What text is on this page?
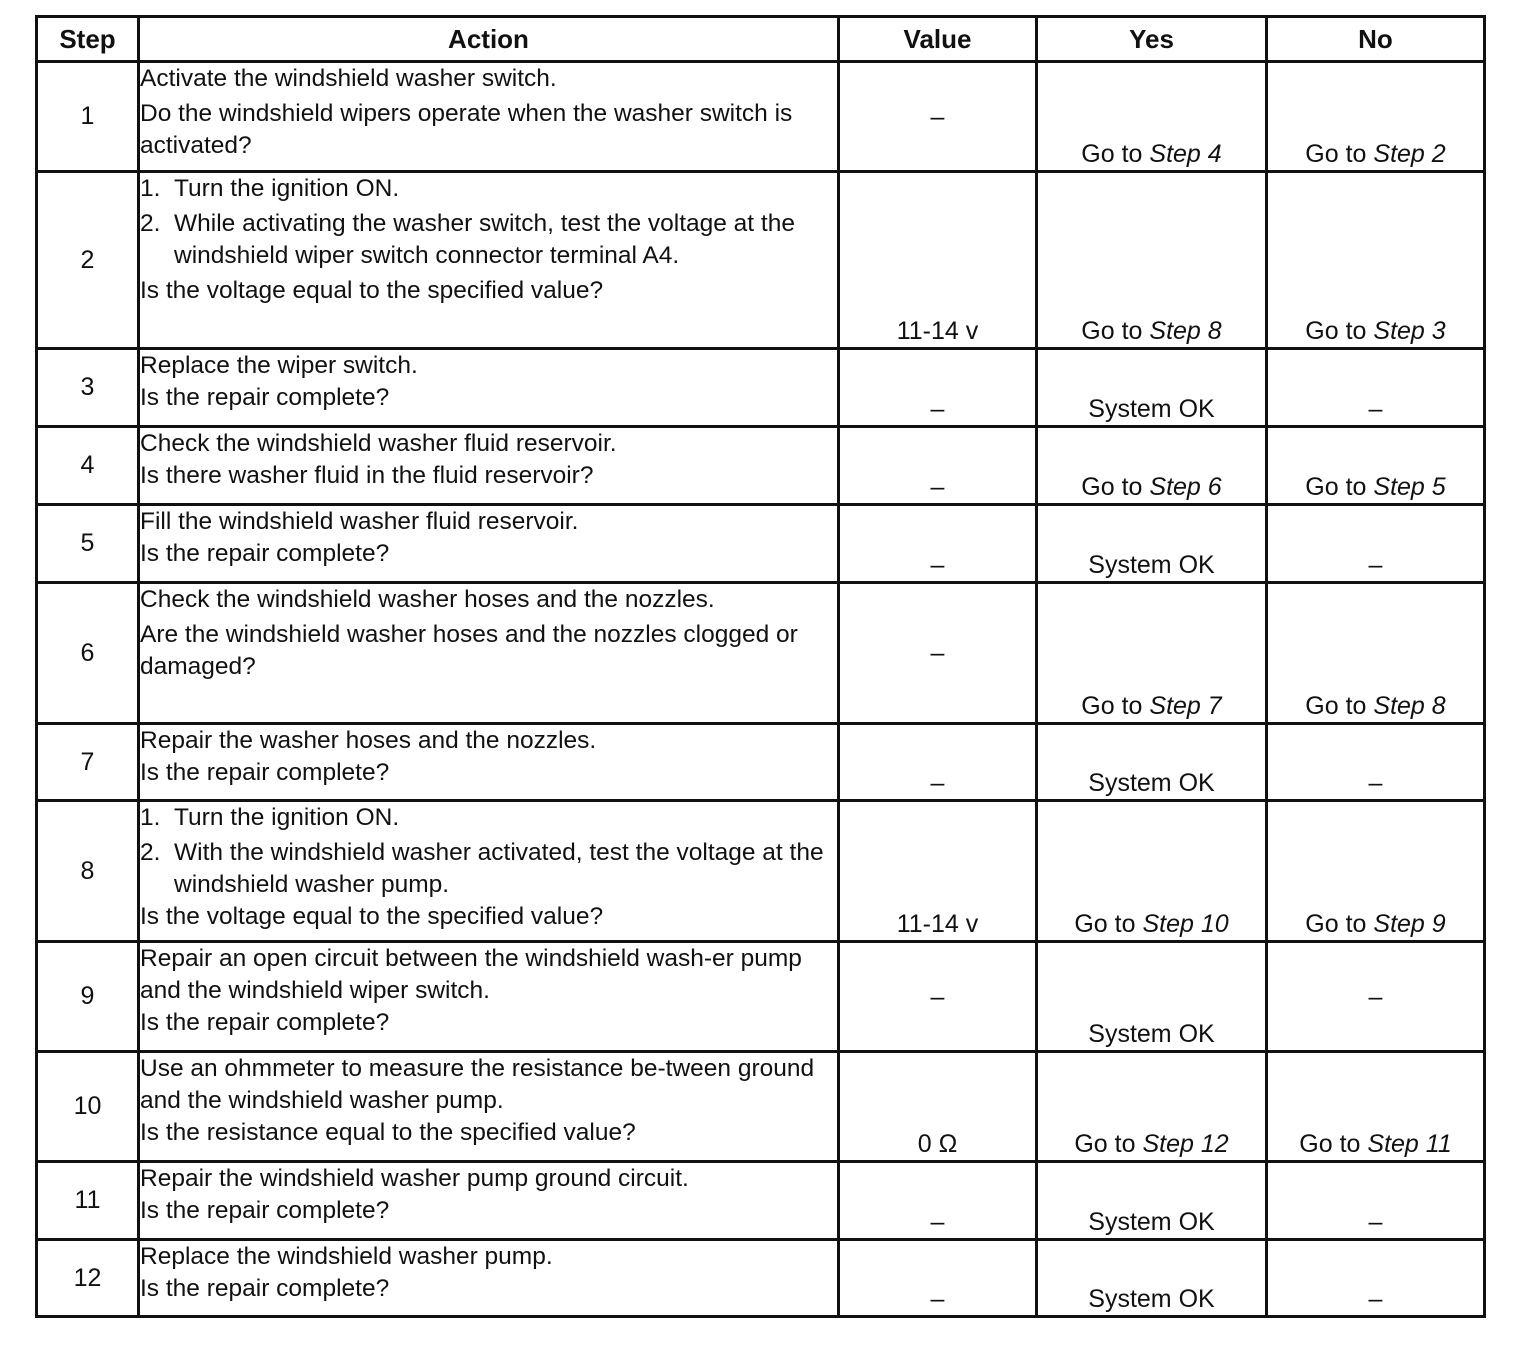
Step	Action	Value	Yes	No
1	Activate the windshield washer switch.
Do the windshield wipers operate when the washer switch is activated?	–	Go to Step 4	Go to Step 2
2	1. Turn the ignition ON.
2. While activating the washer switch, test the voltage at the windshield wiper switch connector terminal A4.
Is the voltage equal to the specified value?	11-14 v	Go to Step 8	Go to Step 3
3	Replace the wiper switch.
Is the repair complete?	–	System OK	–
4	Check the windshield washer fluid reservoir.
Is there washer fluid in the fluid reservoir?	–	Go to Step 6	Go to Step 5
5	Fill the windshield washer fluid reservoir.
Is the repair complete?	–	System OK	–
6	Check the windshield washer hoses and the nozzles.
Are the windshield washer hoses and the nozzles clogged or damaged?	–	Go to Step 7	Go to Step 8
7	Repair the washer hoses and the nozzles.
Is the repair complete?	–	System OK	–
8	1. Turn the ignition ON.
2. With the windshield washer activated, test the voltage at the windshield washer pump.
Is the voltage equal to the specified value?	11-14 v	Go to Step 10	Go to Step 9
9	Repair an open circuit between the windshield wash-er pump and the windshield wiper switch.
Is the repair complete?	–	System OK	–
10	Use an ohmmeter to measure the resistance be-tween ground and the windshield washer pump.
Is the resistance equal to the specified value?	0 Ω	Go to Step 12	Go to Step 11
11	Repair the windshield washer pump ground circuit.
Is the repair complete?	–	System OK	–
12	Replace the windshield washer pump.
Is the repair complete?	–	System OK	–
